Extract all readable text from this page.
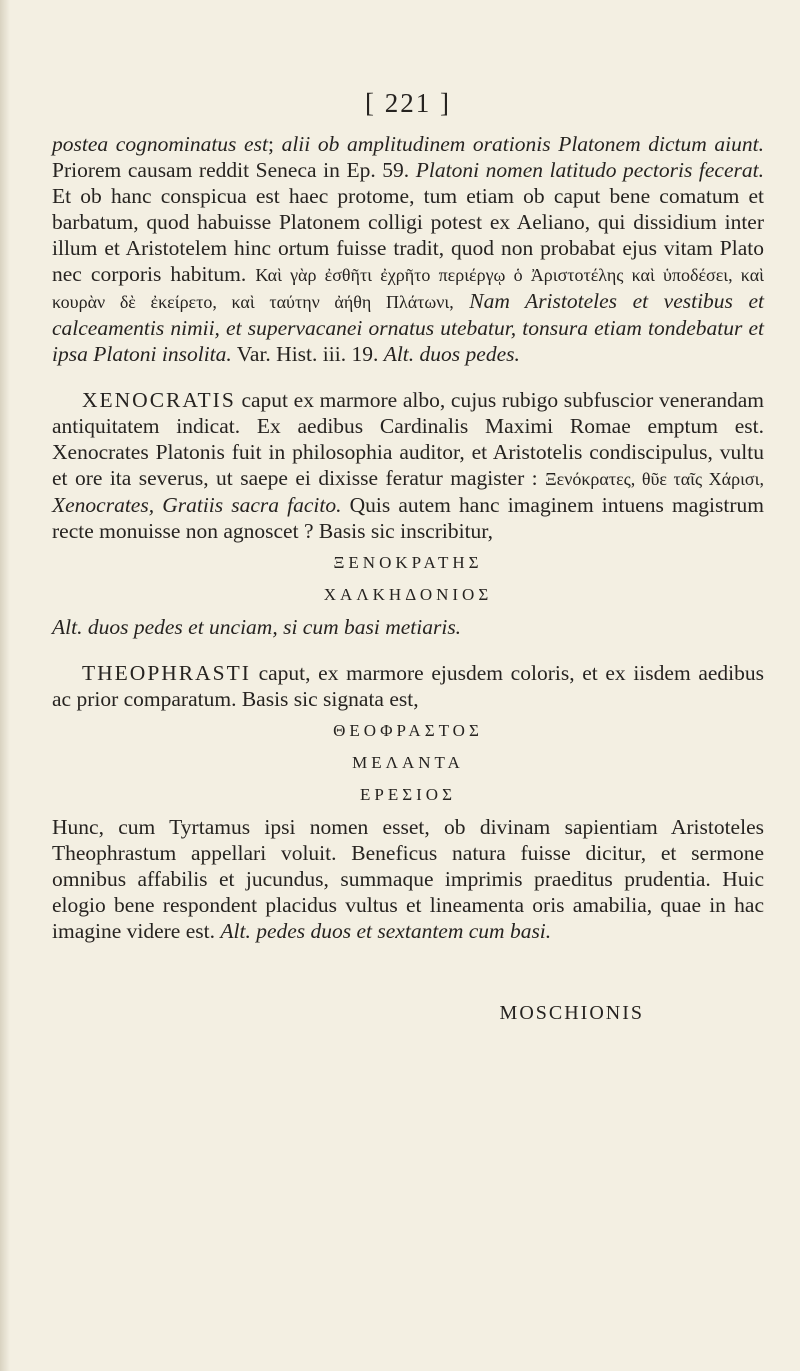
[ 221 ]

postea cognominatus est; alii ob amplitudinem orationis Platonem dictum aiunt. Priorem causam reddit Seneca in Ep. 59. Platoni nomen latitudo pectoris fecerat. Et ob hanc conspicua est haec protome, tum etiam ob caput bene comatum et barbatum, quod habuisse Platonem colligi potest ex Aeliano, qui dissidium inter illum et Aristotelem hinc ortum fuisse tradit, quod non probabat ejus vitam Plato nec corporis habitum. Καὶ γὰρ ἐσθῆτι ἐχρῆτο περιέργῳ ὁ Ἀριστοτέλης καὶ ὑποδέσει, καὶ κουρὰν δὲ ἐκείρετο, καὶ ταύτην ἀήθη Πλάτωνι, Nam Aristoteles et vestibus et calceamentis nimii, et supervacanei ornatus utebatur, tonsura etiam tondebatur et ipsa Platoni insolita. Var. Hist. iii. 19. Alt. duos pedes.

XENOCRATIS caput ex marmore albo, cujus rubigo subfuscior venerandam antiquitatem indicat. Ex aedibus Cardinalis Maximi Romae emptum est. Xenocrates Platonis fuit in philosophia auditor, et Aristotelis condiscipulus, vultu et ore ita severus, ut saepe ei dixisse feratur magister : Ξενόκρατες, θῦε ταῖς Χάρισι, Xenocrates, Gratiis sacra facito. Quis autem hanc imaginem intuens magistrum recte monuisse non agnoscet ? Basis sic inscribitur,

ΞΕΝΟΚΡΑΤΗΣ
ΧΑΛΚΗΔΟΝΙΟΣ

Alt. duos pedes et unciam, si cum basi metiaris.

THEOPHRASTI caput, ex marmore ejusdem coloris, et ex iisdem aedibus ac prior comparatum. Basis sic signata est,

ΘΕΟΦΡΑΣΤΟΣ
ΜΕΛΑΝΤΑ
ΕΡΕΣΙΟΣ

Hunc, cum Tyrtamus ipsi nomen esset, ob divinam sapientiam Aristoteles Theophrastum appellari voluit. Beneficus natura fuisse dicitur, et sermone omnibus affabilis et jucundus, summaque imprimis praeditus prudentia. Huic elogio bene respondent placidus vultus et lineamenta oris amabilia, quae in hac imagine videre est. Alt. pedes duos et sextantem cum basi.

MOSCHIONIS
